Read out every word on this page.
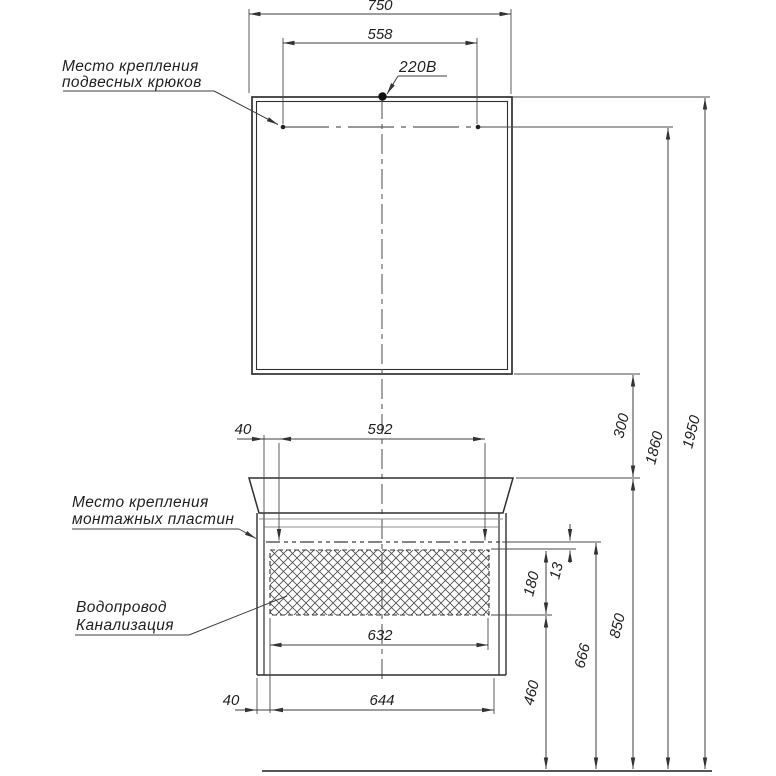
750
558
40	592	300
850
666
180
460
13
1860 1950
632
40	644
Место крепления
подвесных крюков
220В
Место крепления
монтажных пластин
Водопровод
Канализация
